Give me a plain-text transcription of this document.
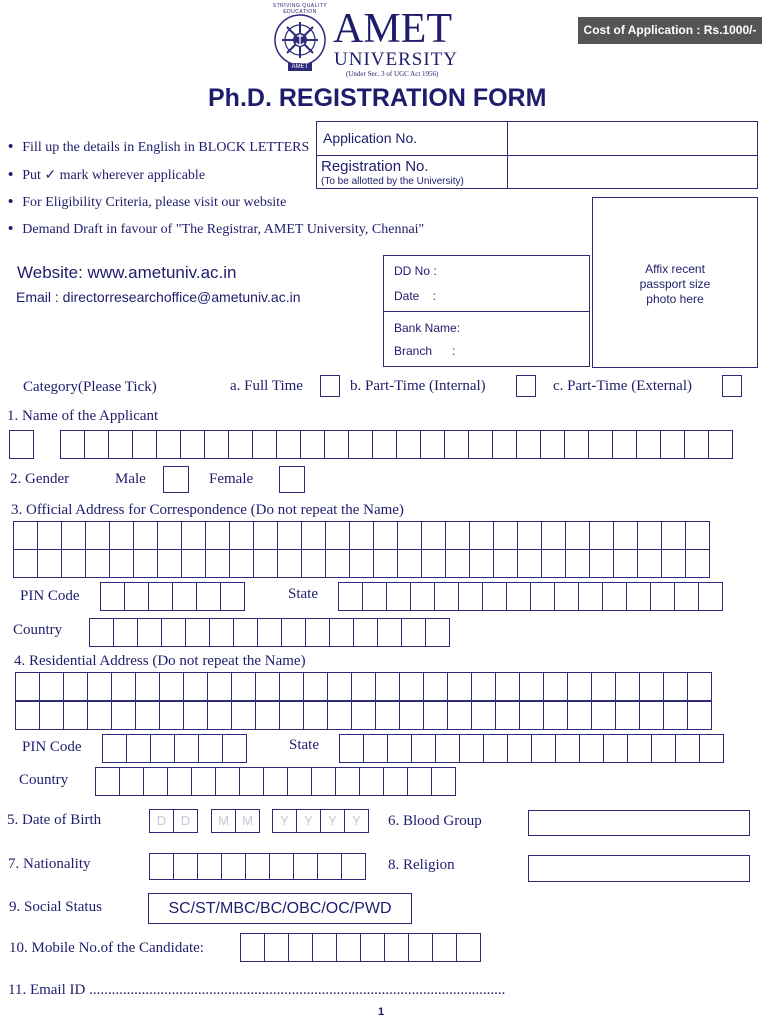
STRIVING QUALITY EDUCATION
AMET
AMET
UNIVERSITY
(Under Sec. 3 of UGC Act 1956)
Cost of Application : Rs.1000/-
Ph.D. REGISTRATION FORM
• Fill up the details in English in BLOCK LETTERS
• Put ✓ mark wherever applicable
• For Eligibility Criteria, please visit our website
• Demand Draft in favour of "The Registrar, AMET University, Chennai"
Application No.
Registration No.
(To be allotted by the University)
Affix recent
passport size
photo here
Website: www.ametuniv.ac.in
Email : directorresearchoffice@ametuniv.ac.in
DD No :
Date    :
Bank Name:
Branch      :
Category(Please Tick)	a. Full Time	b. Part-Time (Internal)	c. Part-Time (External)
1. Name of the Applicant
2. Gender	Male	Female
3. Official Address for Correspondence (Do not repeat the Name)
PIN Code	State
Country
4. Residential Address (Do not repeat the Name)
PIN Code	State
Country
5. Date of Birth	D	D	M	M	Y	Y	Y	Y	6. Blood Group
7. Nationality	8. Religion
9. Social Status	SC/ST/MBC/BC/OBC/OC/PWD
10. Mobile No.of the Candidate:
11. Email ID ...............................................................................................................
1
